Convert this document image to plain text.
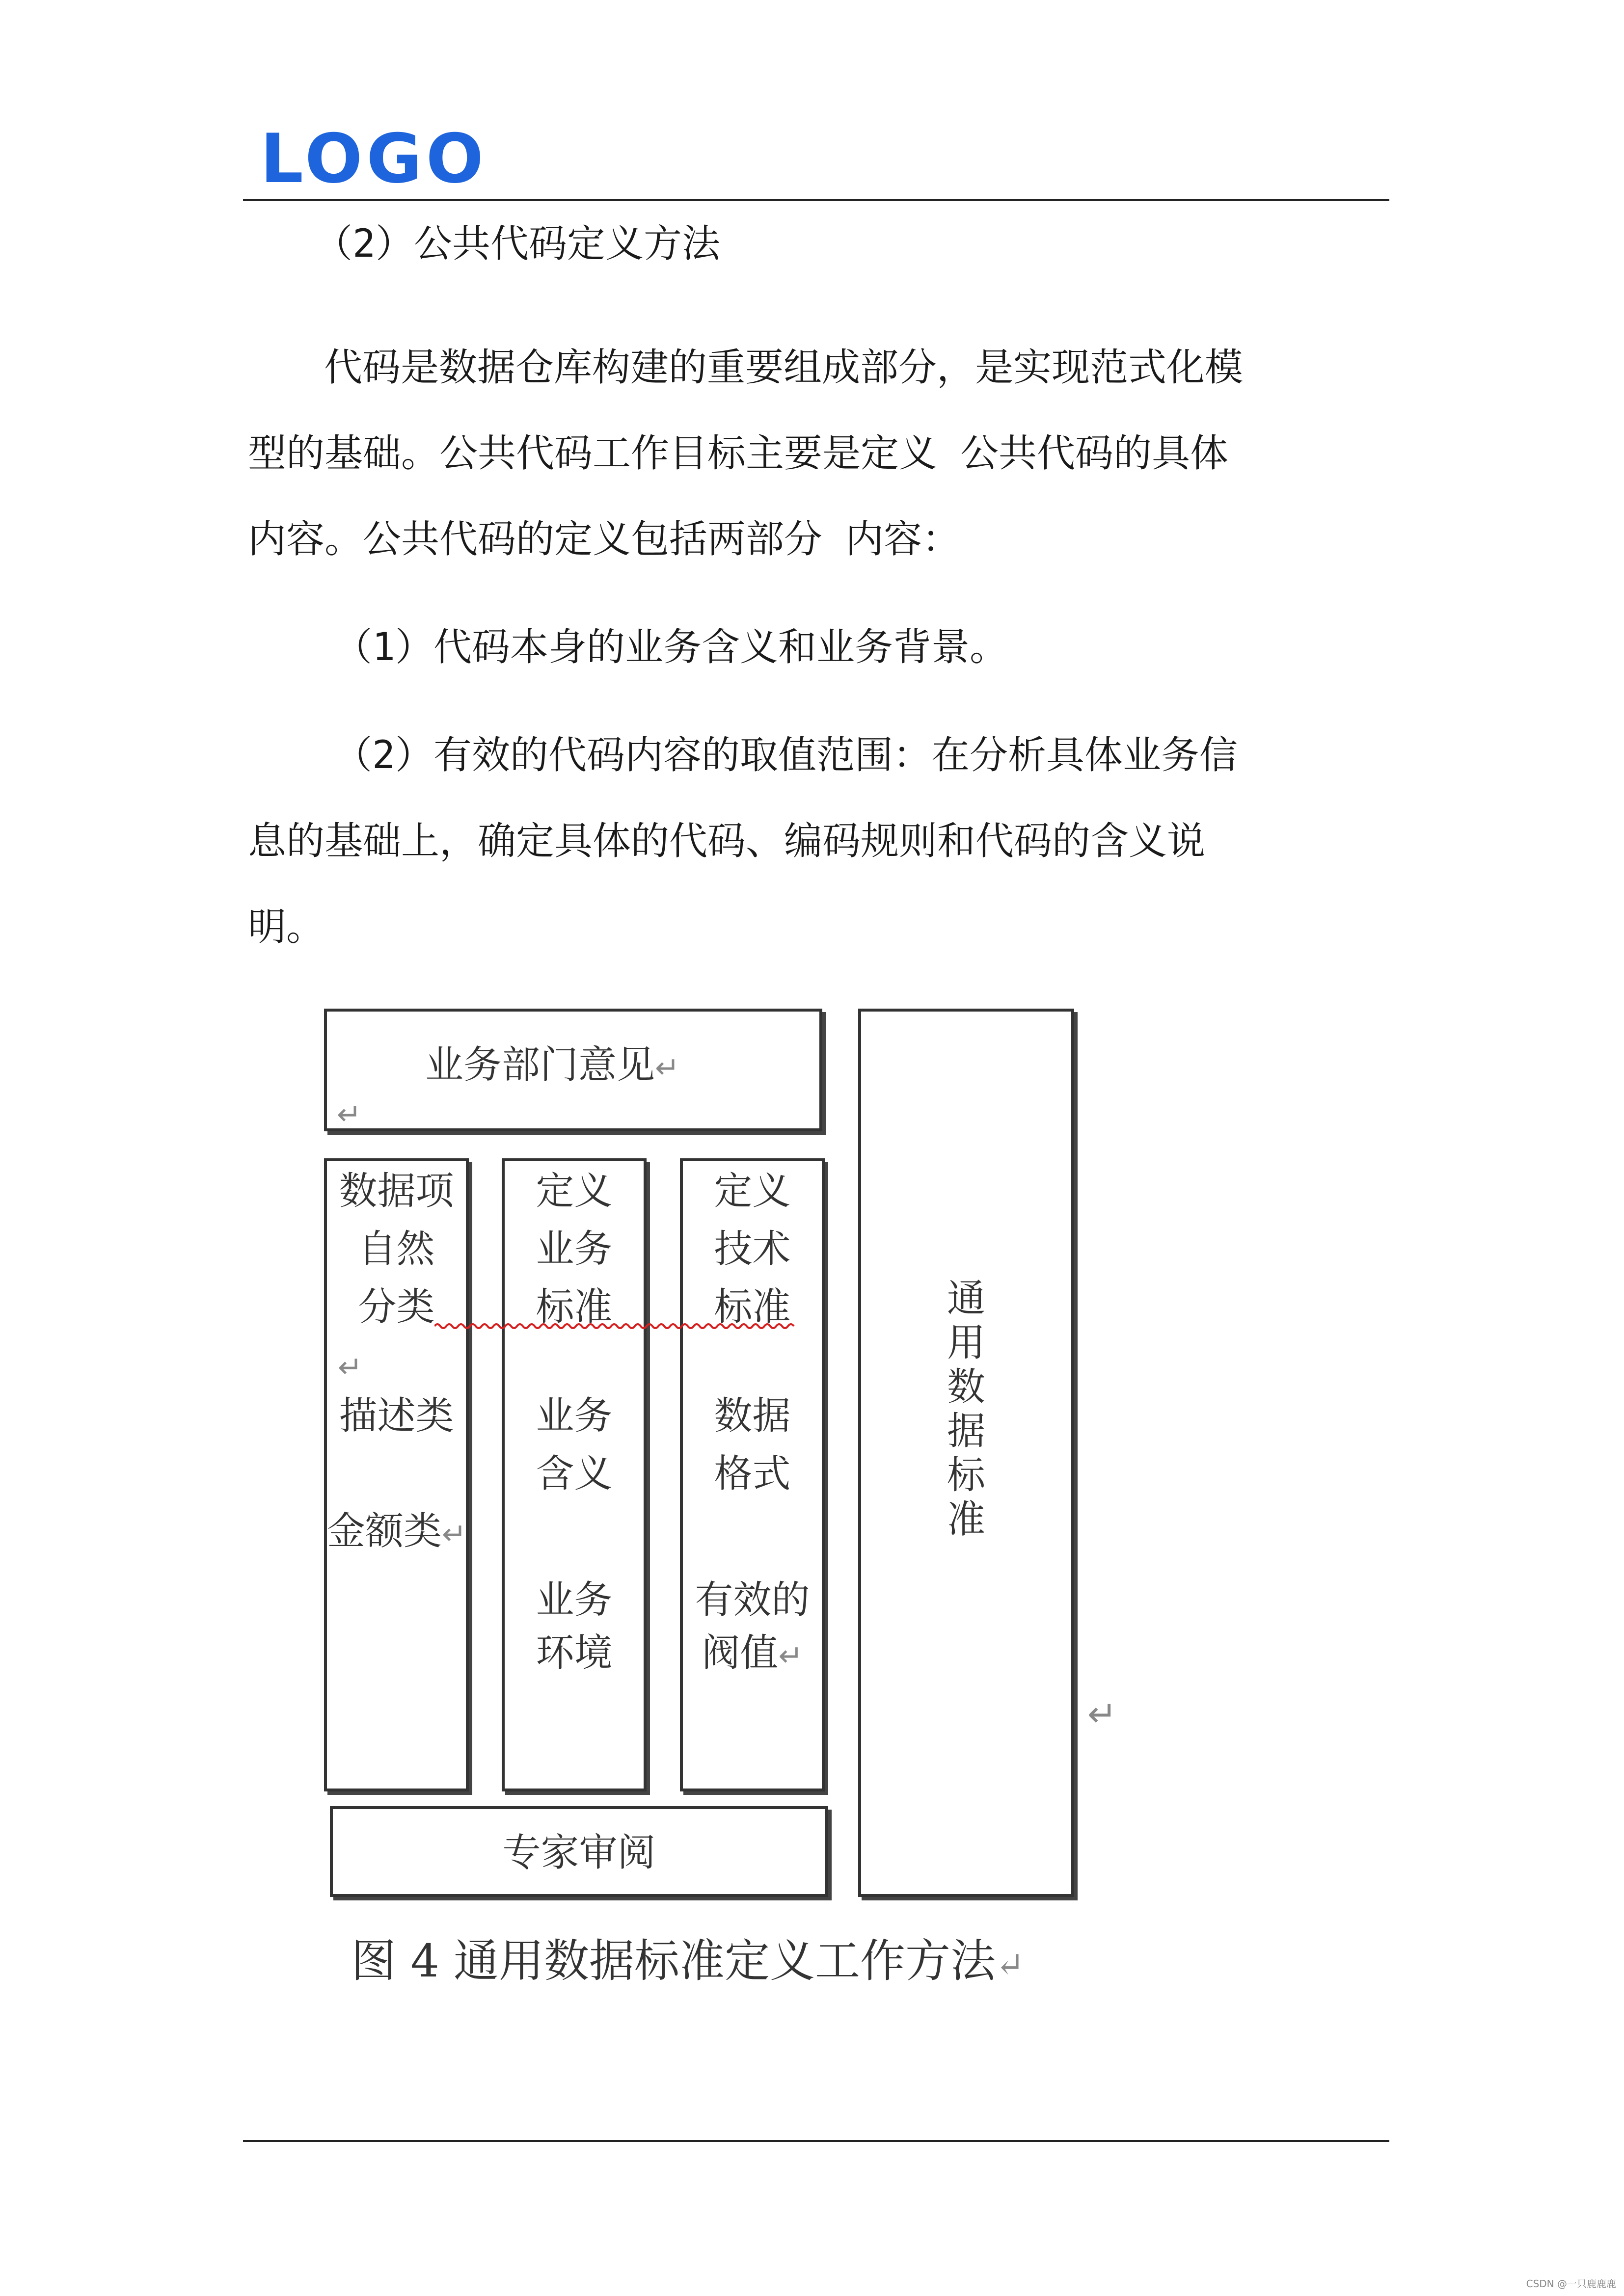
LOGO
（2）公共代码定义方法
代码是数据仓库构建的重要组成部分，是实现范式化模
型的基础。公共代码工作目标主要是定义 公共代码的具体
内容。公共代码的定义包括两部分 内容：
（1）代码本身的业务含义和业务背景。
（2）有效的代码内容的取值范围：在分析具体业务信
息的基础上，确定具体的代码、编码规则和代码的含义说
明。
业务部门意见↵
↵
数据项
自然
分类
↵
描述类
金额类↵
定义
业务
标准
业务
含义
业务
环境
定义
技术
标准
数据
格式
有效的
阀值↵
专家审阅
通
用
数
据
标
准
↵
图 4 通用数据标准定义工作方法↵
CSDN @一只鹿鹿鹿
